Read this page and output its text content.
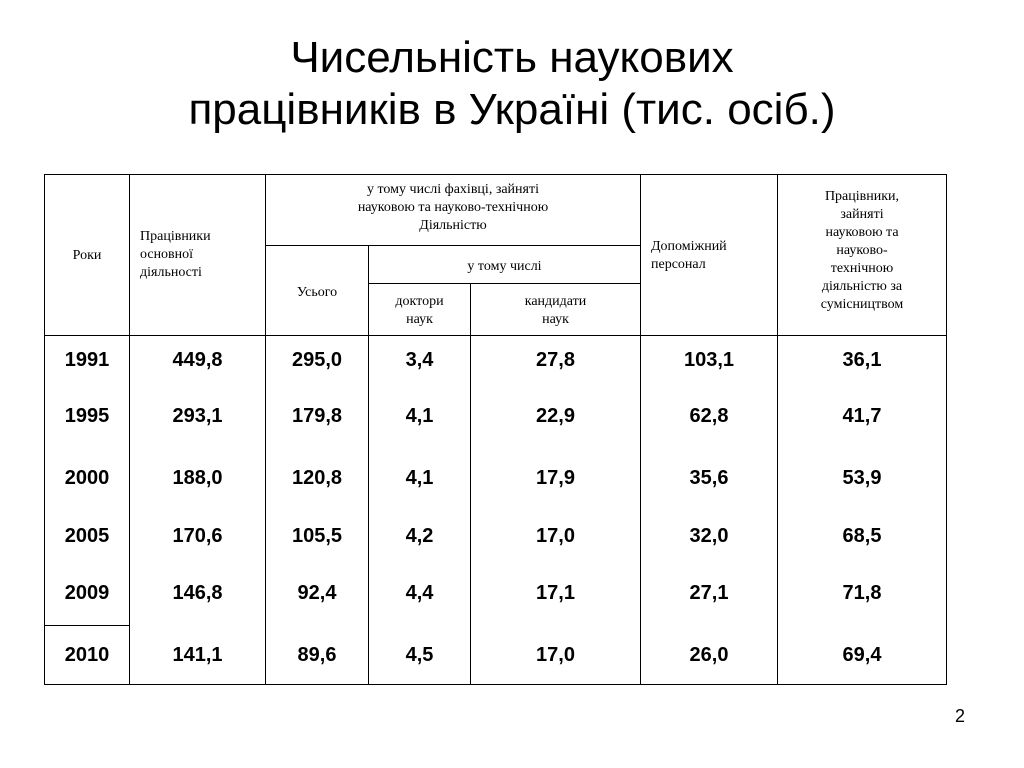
Чисельність наукових
працівників в Україні (тис. осіб.)
Роки
Працівники
основної
діяльності
у тому числі фахівці, зайняті
науковою та науково-технічною
Діяльністю
Усього
у тому числі
доктори
наук
кандидати
наук
Допоміжний
персонал
Працівники,
зайняті
науковою та
науково-
технічною
діяльністю за
сумісництвом
1991	449,8	295,0	3,4	27,8	103,1	36,1
1995	293,1	179,8	4,1	22,9	62,8	41,7
2000	188,0	120,8	4,1	17,9	35,6	53,9
2005	170,6	105,5	4,2	17,0	32,0	68,5
2009	146,8	92,4	4,4	17,1	27,1	71,8
2010	141,1	89,6	4,5	17,0	26,0	69,4
2
